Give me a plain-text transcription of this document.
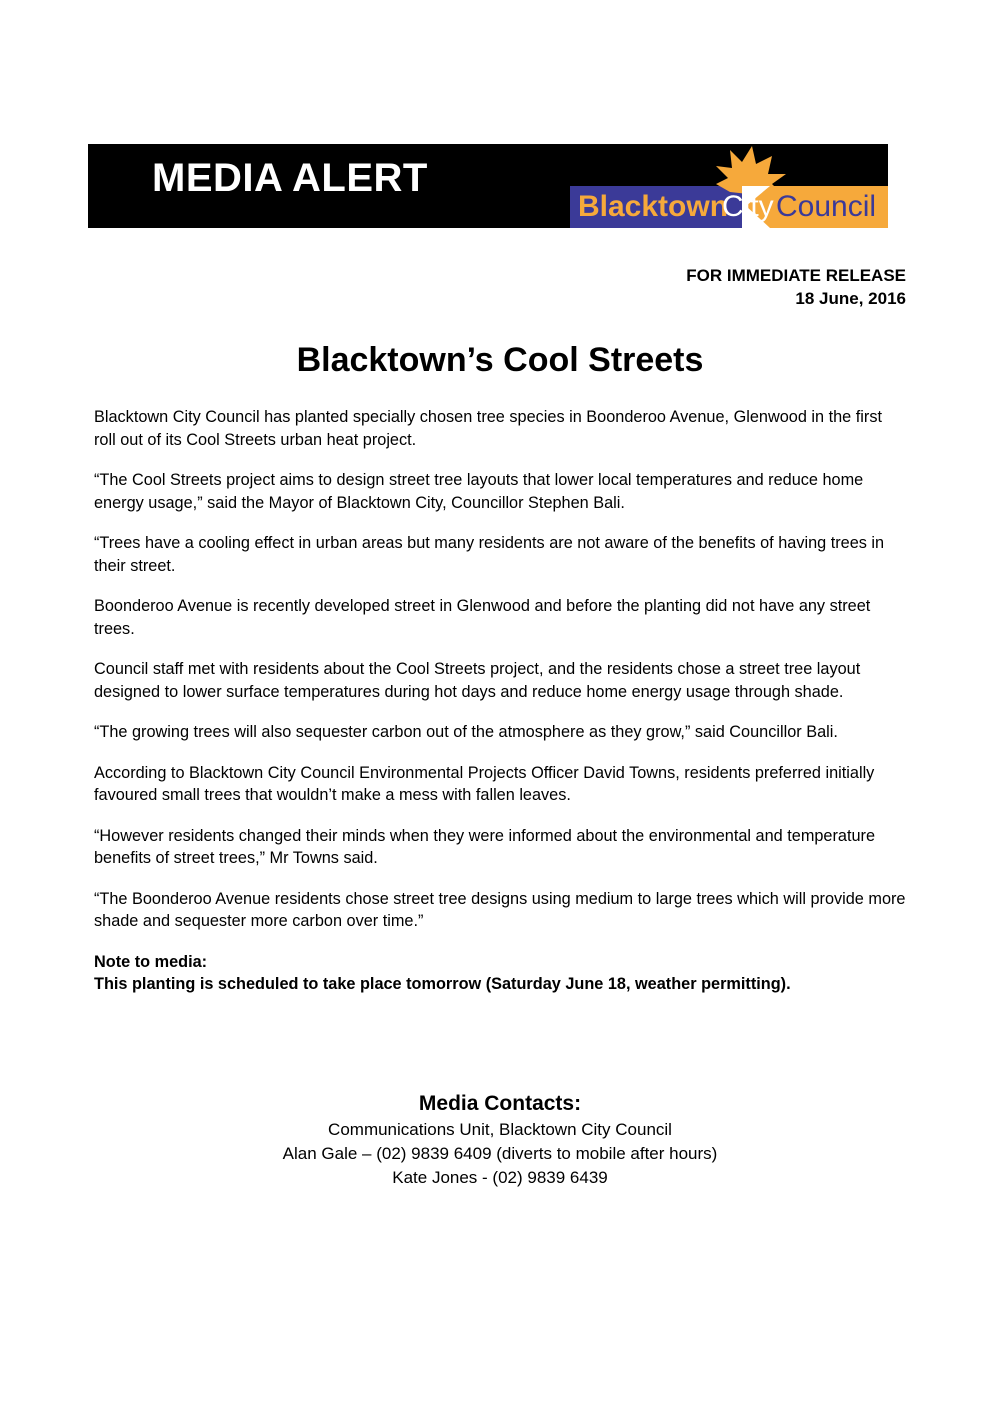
MEDIA ALERT
Blacktown
City Council
FOR IMMEDIATE RELEASE
18 June, 2016
Blacktown’s Cool Streets

Blacktown City Council has planted specially chosen tree species in Boonderoo Avenue, Glenwood in the first roll out of its Cool Streets urban heat project.

“The Cool Streets project aims to design street tree layouts that lower local temperatures and reduce home energy usage,” said the Mayor of Blacktown City, Councillor Stephen Bali.

“Trees have a cooling effect in urban areas but many residents are not aware of the benefits of having trees in their street.

Boonderoo Avenue is recently developed street in Glenwood and before the planting did not have any street trees.

Council staff met with residents about the Cool Streets project, and the residents chose a street tree layout designed to lower surface temperatures during hot days and reduce home energy usage through shade.

“The growing trees will also sequester carbon out of the atmosphere as they grow,” said Councillor Bali.

According to Blacktown City Council Environmental Projects Officer David Towns, residents preferred initially favoured small trees that wouldn’t make a mess with fallen leaves.

“However residents changed their minds when they were informed about the environmental and temperature benefits of street trees,” Mr Towns said.

“The Boonderoo Avenue residents chose street tree designs using medium to large trees which will provide more shade and sequester more carbon over time.”

Note to media:

This planting is scheduled to take place tomorrow (Saturday June 18, weather permitting).

Media Contacts:
Communications Unit, Blacktown City Council
Alan Gale – (02) 9839 6409 (diverts to mobile after hours)
Kate Jones - (02) 9839 6439
